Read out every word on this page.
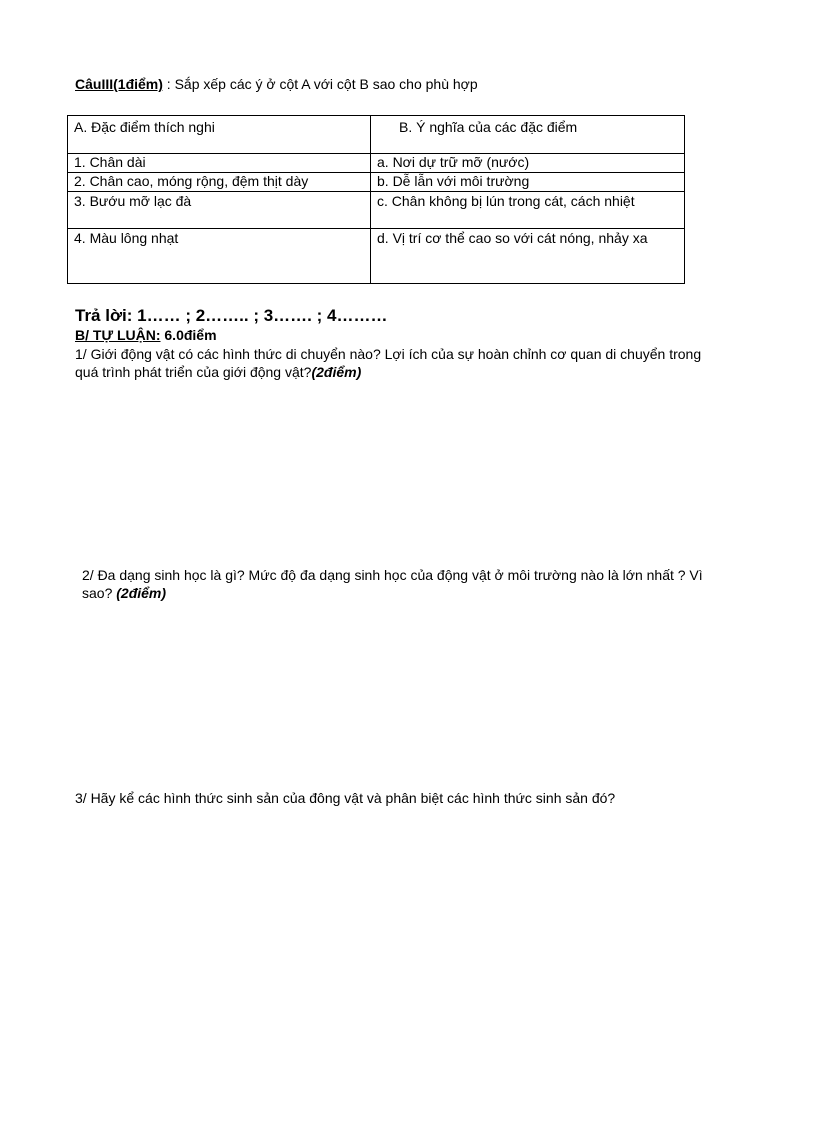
CâuIII(1điểm) : Sắp xếp các ý ở cột A với cột B sao cho phù hợp
A. Đặc điểm thích nghi	B. Ý nghĩa của các đặc điểm
1. Chân dài	a. Nơi dự trữ mỡ (nước)
2. Chân cao, móng rộng, đệm thịt dày	b. Dễ lẫn với môi trường
3. Bướu mỡ lạc đà	c. Chân không bị lún trong cát, cách nhiệt
4. Màu lông nhạt	d. Vị trí cơ thể cao so với cát nóng, nhảy xa
Trả lời: 1…… ; 2…….. ; 3……. ; 4………
B/ TỰ LUẬN: 6.0điểm
1/ Giới động vật có các hình thức di chuyển nào? Lợi ích của sự hoàn chỉnh cơ quan di chuyển trong quá trình phát triển của giới động vật?(2điểm)
2/ Đa dạng sinh học là gì? Mức độ đa dạng sinh học của động vật ở môi trường nào là lớn nhất ? Vì sao? (2điểm)
3/ Hãy kể các hình thức sinh sản của đông vật và phân biệt các hình thức sinh sản đó?
